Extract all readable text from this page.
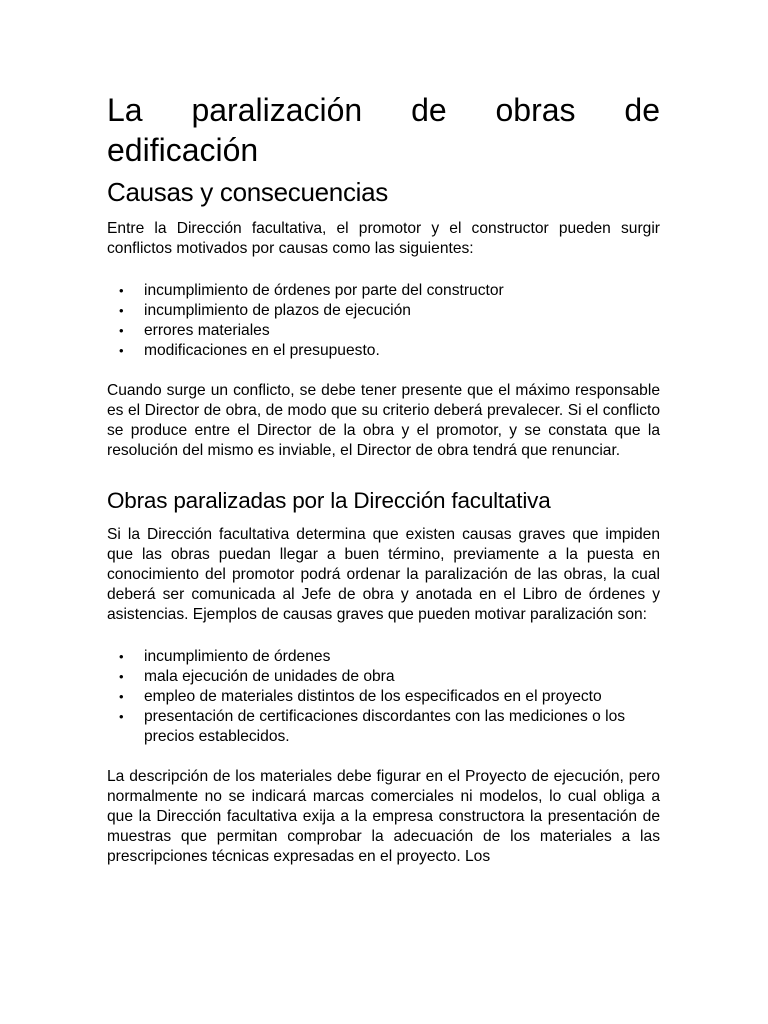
La paralización de obras de
edificación
Causas y consecuencias

Entre la Dirección facultativa, el promotor y el constructor pueden surgir conflictos motivados por causas como las siguientes:

• incumplimiento de órdenes por parte del constructor
• incumplimiento de plazos de ejecución
• errores materiales
• modificaciones en el presupuesto.

Cuando surge un conflicto, se debe tener presente que el máximo responsable es el Director de obra, de modo que su criterio deberá prevalecer. Si el conflicto se produce entre el Director de la obra y el promotor, y se constata que la resolución del mismo es inviable, el Director de obra tendrá que renunciar.

Obras paralizadas por la Dirección facultativa

Si la Dirección facultativa determina que existen causas graves que impiden que las obras puedan llegar a buen término, previamente a la puesta en conocimiento del promotor podrá ordenar la paralización de las obras, la cual deberá ser comunicada al Jefe de obra y anotada en el Libro de órdenes y asistencias. Ejemplos de causas graves que pueden motivar paralización son:

• incumplimiento de órdenes
• mala ejecución de unidades de obra
• empleo de materiales distintos de los especificados en el proyecto
• presentación de certificaciones discordantes con las mediciones o los precios establecidos.

La descripción de los materiales debe figurar en el Proyecto de ejecución, pero normalmente no se indicará marcas comerciales ni modelos, lo cual obliga a que la Dirección facultativa exija a la empresa constructora la presentación de muestras que permitan comprobar la adecuación de los materiales a las prescripciones técnicas expresadas en el proyecto. Los
